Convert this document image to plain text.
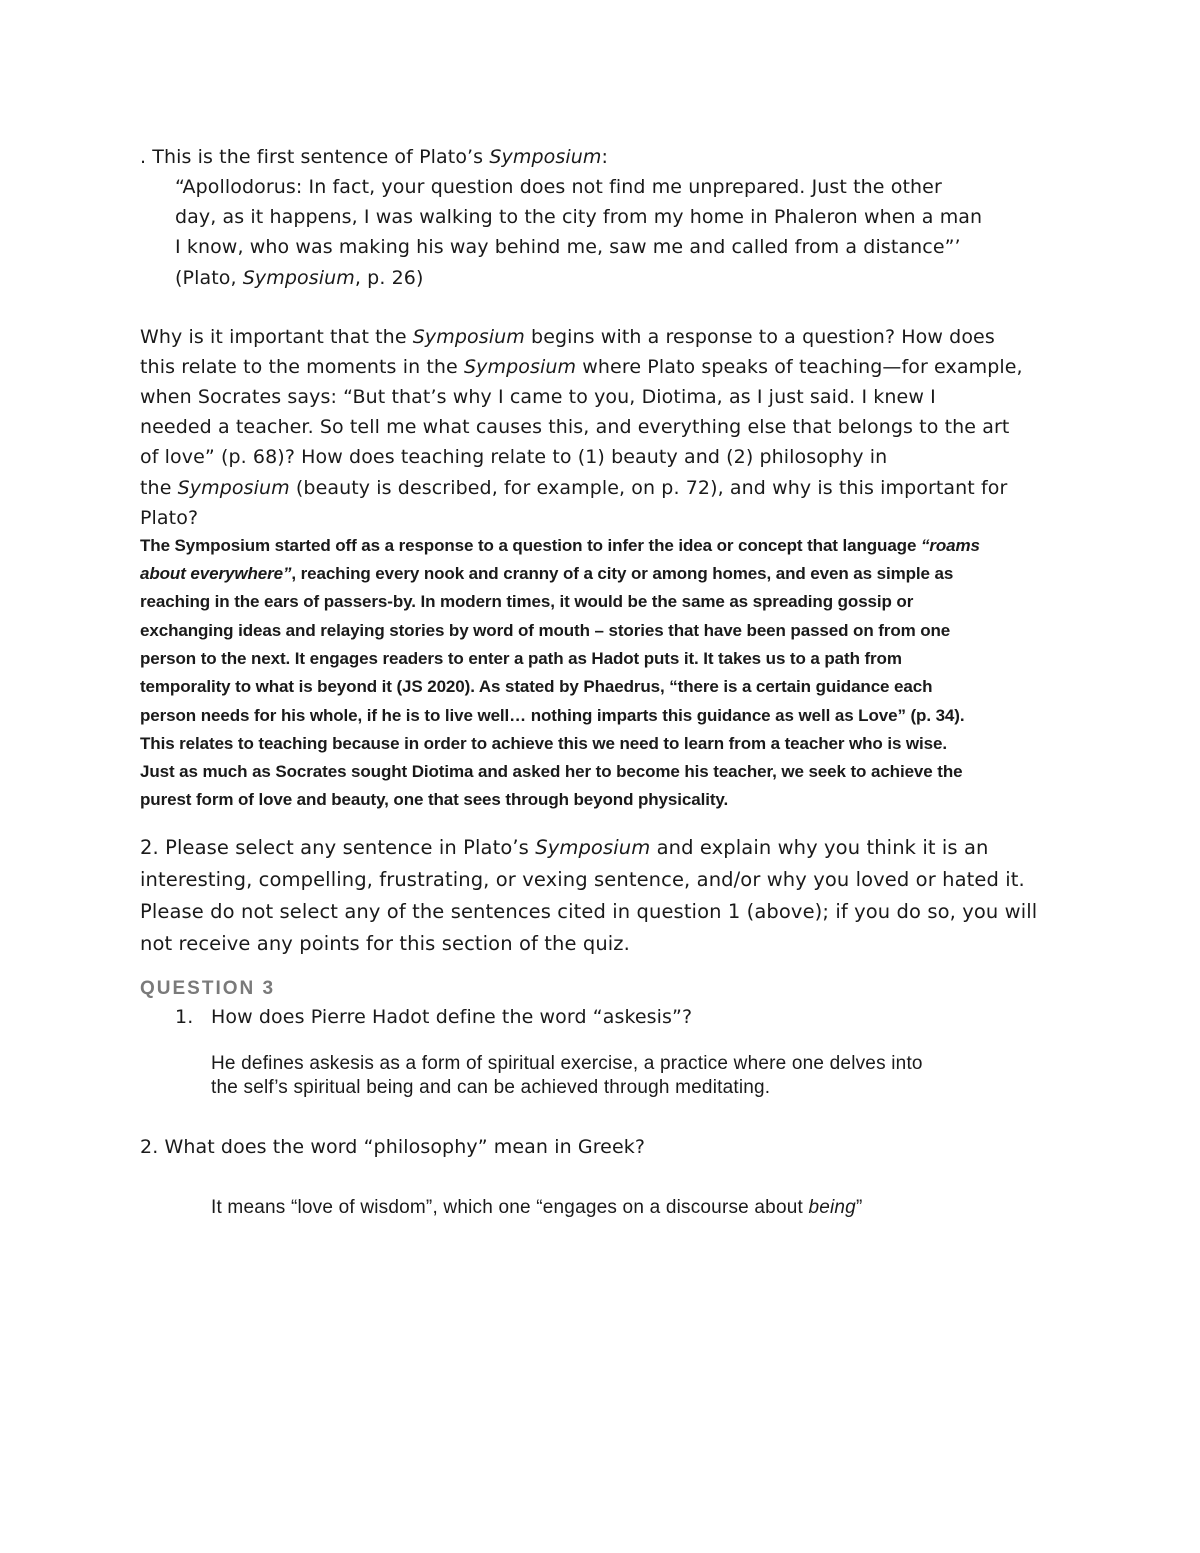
. This is the first sentence of Plato’s Symposium:
“Apollodorus: In fact, your question does not find me unprepared. Just the other
day, as it happens, I was walking to the city from my home in Phaleron when a man
I know, who was making his way behind me, saw me and called from a distance”’
(Plato, Symposium, p. 26)
Why is it important that the Symposium begins with a response to a question? How does
this relate to the moments in the Symposium where Plato speaks of teaching—for example,
when Socrates says: “But that’s why I came to you, Diotima, as I just said. I knew I
needed a teacher. So tell me what causes this, and everything else that belongs to the art
of love” (p. 68)? How does teaching relate to (1) beauty and (2) philosophy in
the Symposium (beauty is described, for example, on p. 72), and why is this important for
Plato?
The Symposium started off as a response to a question to infer the idea or concept that language “roams
about everywhere”, reaching every nook and cranny of a city or among homes, and even as simple as
reaching in the ears of passers-by. In modern times, it would be the same as spreading gossip or
exchanging ideas and relaying stories by word of mouth – stories that have been passed on from one
person to the next. It engages readers to enter a path as Hadot puts it. It takes us to a path from
temporality to what is beyond it (JS 2020). As stated by Phaedrus, “there is a certain guidance each
person needs for his whole, if he is to live well… nothing imparts this guidance as well as Love” (p. 34).
This relates to teaching because in order to achieve this we need to learn from a teacher who is wise.
Just as much as Socrates sought Diotima and asked her to become his teacher, we seek to achieve the
purest form of love and beauty, one that sees through beyond physicality.
2. Please select any sentence in Plato’s Symposium and explain why you think it is an
interesting, compelling, frustrating, or vexing sentence, and/or why you loved or hated it.
Please do not select any of the sentences cited in question 1 (above); if you do so, you will
not receive any points for this section of the quiz.
QUESTION 3
1. How does Pierre Hadot define the word “askesis”?
He defines askesis as a form of spiritual exercise, a practice where one delves into
the self’s spiritual being and can be achieved through meditating.
2. What does the word “philosophy” mean in Greek?
It means “love of wisdom”, which one “engages on a discourse about being”
